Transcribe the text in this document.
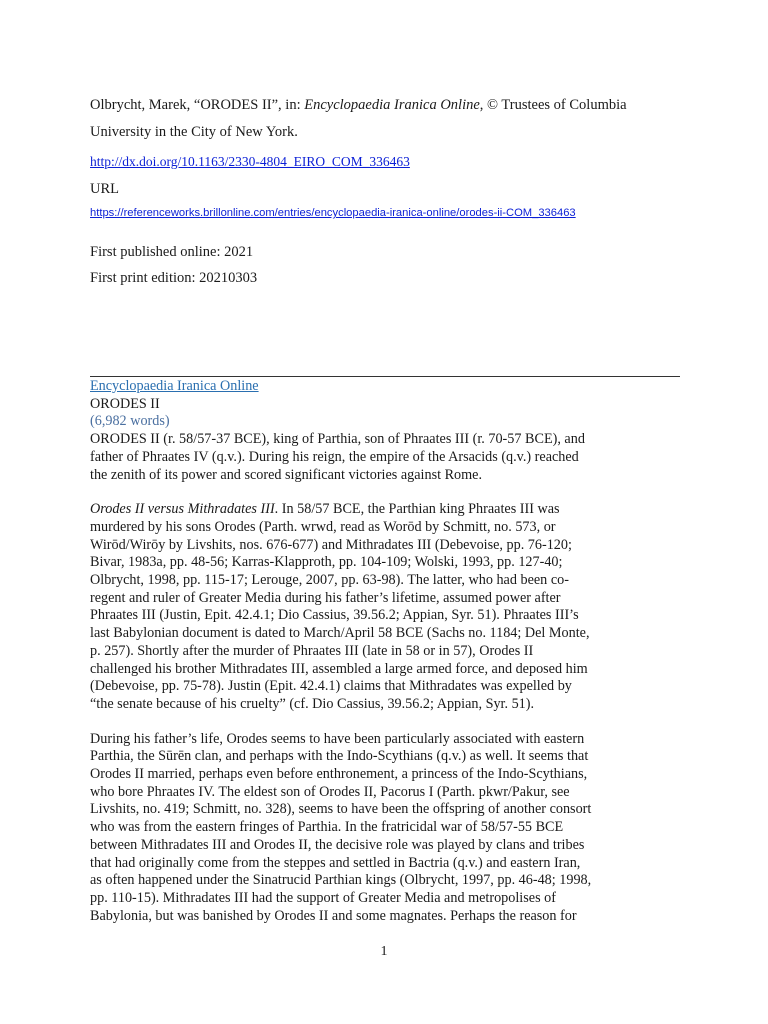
Olbrycht, Marek, “ORODES II”, in: Encyclopaedia Iranica Online, © Trustees of Columbia
University in the City of New York.
http://dx.doi.org/10.1163/2330-4804_EIRO_COM_336463
URL
https://referenceworks.brillonline.com/entries/encyclopaedia-iranica-online/orodes-ii-COM_336463
First published online: 2021
First print edition: 20210303
Encyclopaedia Iranica Online
ORODES II
(6,982 words)

ORODES II (r. 58/57-37 BCE), king of Parthia, son of Phraates III (r. 70-57 BCE), and
father of Phraates IV (q.v.). During his reign, the empire of the Arsacids (q.v.) reached
the zenith of its power and scored significant victories against Rome.

Orodes II versus Mithradates III. In 58/57 BCE, the Parthian king Phraates III was
murdered by his sons Orodes (Parth. wrwd, read as Worōd by Schmitt, no. 573, or
Wirōd/Wirōy by Livshits, nos. 676-677) and Mithradates III (Debevoise, pp. 76-120;
Bivar, 1983a, pp. 48-56; Karras-Klapproth, pp. 104-109; Wolski, 1993, pp. 127-40;
Olbrycht, 1998, pp. 115-17; Lerouge, 2007, pp. 63-98). The latter, who had been co-
regent and ruler of Greater Media during his father’s lifetime, assumed power after
Phraates III (Justin, Epit. 42.4.1; Dio Cassius, 39.56.2; Appian, Syr. 51). Phraates III’s
last Babylonian document is dated to March/April 58 BCE (Sachs no. 1184; Del Monte,
p. 257). Shortly after the murder of Phraates III (late in 58 or in 57), Orodes II
challenged his brother Mithradates III, assembled a large armed force, and deposed him
(Debevoise, pp. 75-78). Justin (Epit. 42.4.1) claims that Mithradates was expelled by
“the senate because of his cruelty” (cf. Dio Cassius, 39.56.2; Appian, Syr. 51).

During his father’s life, Orodes seems to have been particularly associated with eastern
Parthia, the Sūrēn clan, and perhaps with the Indo-Scythians (q.v.) as well. It seems that
Orodes II married, perhaps even before enthronement, a princess of the Indo-Scythians,
who bore Phraates IV. The eldest son of Orodes II, Pacorus I (Parth. pkwr/Pakur, see
Livshits, no. 419; Schmitt, no. 328), seems to have been the offspring of another consort
who was from the eastern fringes of Parthia. In the fratricidal war of 58/57-55 BCE
between Mithradates III and Orodes II, the decisive role was played by clans and tribes
that had originally come from the steppes and settled in Bactria (q.v.) and eastern Iran,
as often happened under the Sinatrucid Parthian kings (Olbrycht, 1997, pp. 46-48; 1998,
pp. 110-15). Mithradates III had the support of Greater Media and metropolises of
Babylonia, but was banished by Orodes II and some magnates. Perhaps the reason for

1
